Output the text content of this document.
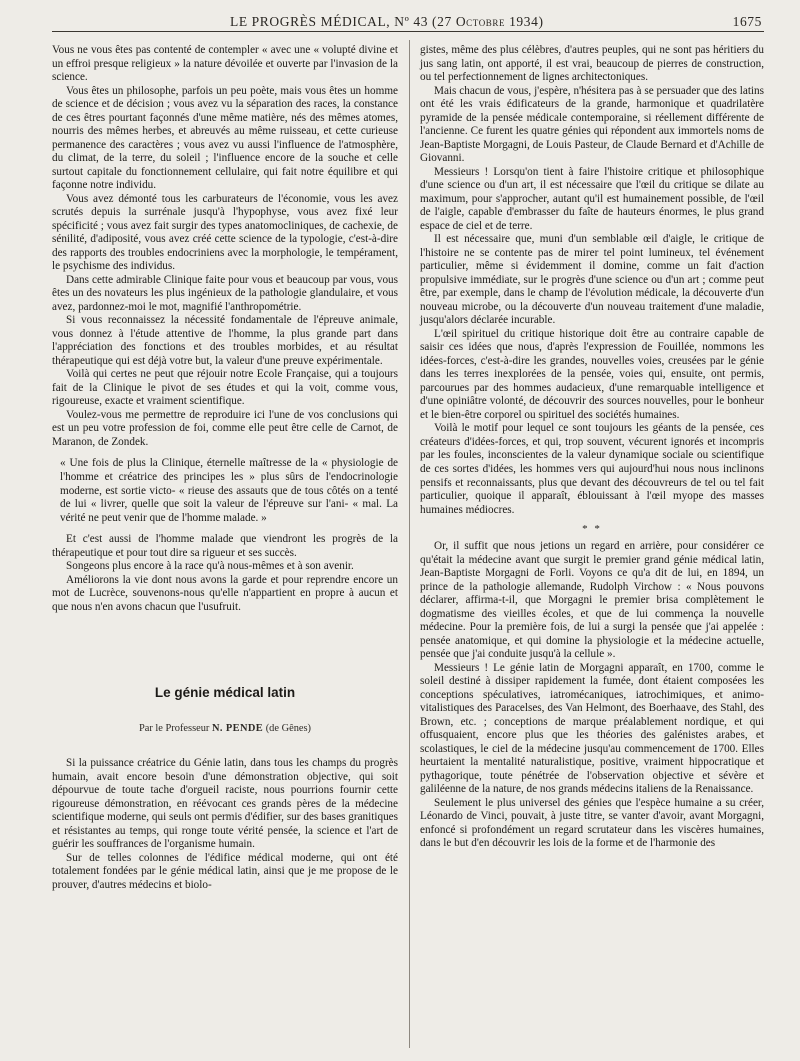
LE PROGRÈS MÉDICAL, Nº 43 (27 Octobre 1934)	1675

Vous ne vous êtes pas contenté de contempler « avec une « volupté divine et un effroi presque religieux » la nature dévoilée et ouverte par l'invasion de la science.

Vous êtes un philosophe, parfois un peu poète, mais vous êtes un homme de science et de décision ; vous avez vu la séparation des races, la constance de ces êtres pourtant façonnés d'une même matière, nés des mêmes atomes, nourris des mêmes herbes, et abreuvés au même ruisseau, et cette curieuse permanence des caractères ; vous avez vu aussi l'influence de l'atmosphère, du climat, de la terre, du soleil ; l'influence encore de la souche et celle surtout capitale du fonctionnement cellulaire, qui fait notre équilibre et qui façonne notre individu.

Vous avez démonté tous les carburateurs de l'économie, vous les avez scrutés depuis la surrénale jusqu'à l'hypophyse, vous avez fixé leur spécificité ; vous avez fait surgir des types anatomocliniques, de cachexie, de sénilité, d'adiposité, vous avez créé cette science de la typologie, c'est-à-dire des rapports des troubles endocriniens avec la morphologie, le tempérament, le psychisme des individus.

Dans cette admirable Clinique faite pour vous et beaucoup par vous, vous êtes un des novateurs les plus ingénieux de la pathologie glandulaire, et vous avez, pardonnez-moi le mot, magnifié l'anthropométrie.

Si vous reconnaissez la nécessité fondamentale de l'épreuve animale, vous donnez à l'étude attentive de l'homme, la plus grande part dans l'appréciation des fonctions et des troubles morbides, et au résultat thérapeutique qui est déjà votre but, la valeur d'une preuve expérimentale.

Voilà qui certes ne peut que réjouir notre Ecole Française, qui a toujours fait de la Clinique le pivot de ses études et qui la voit, comme vous, rigoureuse, exacte et vraiment scientifique.

Voulez-vous me permettre de reproduire ici l'une de vos conclusions qui est un peu votre profession de foi, comme elle peut être celle de Carnot, de Maranon, de Zondek.

« Une fois de plus la Clinique, éternelle maîtresse de la « physiologie de l'homme et créatrice des principes les » plus sûrs de l'endocrinologie moderne, est sortie victo- « rieuse des assauts que de tous côtés on a tenté de lui « livrer, quelle que soit la valeur de l'épreuve sur l'ani- « mal. La vérité ne peut venir que de l'homme malade. »

Et c'est aussi de l'homme malade que viendront les progrès de la thérapeutique et pour tout dire sa rigueur et ses succès.

Songeons plus encore à la race qu'à nous-mêmes et à son avenir.

Améliorons la vie dont nous avons la garde et pour reprendre encore un mot de Lucrèce, souvenons-nous qu'elle n'appartient en propre à aucun et que nous n'en avons chacun que l'usufruit.

Le génie médical latin
Par le Professeur N. PENDE (de Gênes)

Si la puissance créatrice du Génie latin, dans tous les champs du progrès humain, avait encore besoin d'une démonstration objective, qui soit dépourvue de toute tache d'orgueil raciste, nous pourrions fournir cette rigoureuse démonstration, en réévocant ces grands pères de la médecine scientifique moderne, qui seuls ont permis d'édifier, sur des bases granitiques et résistantes au temps, qui ronge toute vérité pensée, la science et l'art de guérir les souffrances de l'organisme humain.

Sur de telles colonnes de l'édifice médical moderne, qui ont été totalement fondées par le génie médical latin, ainsi que je me propose de le prouver, d'autres médecins et biolo-

gistes, même des plus célèbres, d'autres peuples, qui ne sont pas héritiers du jus sang latin, ont apporté, il est vrai, beaucoup de pierres de construction, ou tel perfectionnement de lignes architectoniques.

Mais chacun de vous, j'espère, n'hésitera pas à se persuader que des latins ont été les vrais édificateurs de la grande, harmonique et quadrilatère pyramide de la pensée médicale contemporaine, si réellement différente de l'ancienne. Ce furent les quatre génies qui répondent aux immortels noms de Jean-Baptiste Morgagni, de Louis Pasteur, de Claude Bernard et d'Achille de Giovanni.

Messieurs ! Lorsqu'on tient à faire l'histoire critique et philosophique d'une science ou d'un art, il est nécessaire que l'œil du critique se dilate au maximum, pour s'approcher, autant qu'il est humainement possible, de l'œil de l'aigle, capable d'embrasser du faîte de hauteurs énormes, le plus grand espace de ciel et de terre.

Il est nécessaire que, muni d'un semblable œil d'aigle, le critique de l'histoire ne se contente pas de mirer tel point lumineux, tel événement particulier, même si évidemment il domine, comme un fait d'action propulsive immédiate, sur le progrès d'une science ou d'un art ; comme peut être, par exemple, dans le champ de l'évolution médicale, la découverte d'un nouveau microbe, ou la découverte d'un nouveau traitement d'une maladie, jusqu'alors déclarée incurable.

L'œil spirituel du critique historique doit être au contraire capable de saisir ces idées que nous, d'après l'expression de Fouillée, nommons les idées-forces, c'est-à-dire les grandes, nouvelles voies, creusées par le génie dans les terres inexplorées de la pensée, voies qui, ensuite, ont permis, parcourues par des hommes audacieux, d'une remarquable intelligence et d'une opiniâtre volonté, de découvrir des sources nouvelles, pour le bonheur et le bien-être corporel ou spirituel des sociétés humaines.

Voilà le motif pour lequel ce sont toujours les géants de la pensée, ces créateurs d'idées-forces, et qui, trop souvent, vécurent ignorés et incompris par les foules, inconscientes de la valeur dynamique sociale ou scientifique de ces sortes d'idées, les hommes vers qui aujourd'hui nous nous inclinons pensifs et reconnaissants, plus que devant des découvreurs de tel ou tel fait particulier, quoique il apparaît, éblouissant à l'œil myope des masses humaines médiocres.

* *

Or, il suffit que nous jetions un regard en arrière, pour considérer ce qu'était la médecine avant que surgit le premier grand génie médical latin, Jean-Baptiste Morgagni de Forli. Voyons ce qu'a dit de lui, en 1894, un prince de la pathologie allemande, Rudolph Virchow : « Nous pouvons déclarer, affirma-t-il, que Morgagni le premier brisa complètement le dogmatisme des vieilles écoles, et que de lui commença la nouvelle médecine. Pour la première fois, de lui a surgi la pensée que j'ai appelée : pensée anatomique, et qui domine la physiologie et la médecine actuelle, pensée que j'ai conduite jusqu'à la cellule ».

Messieurs ! Le génie latin de Morgagni apparaît, en 1700, comme le soleil destiné à dissiper rapidement la fumée, dont étaient composées les conceptions spéculatives, iatromécaniques, iatrochimiques, et animo-vitalistiques des Paracelses, des Van Helmont, des Boerhaave, des Stahl, des Brown, etc. ; conceptions de marque préalablement nordique, et qui offusquaient, encore plus que les théories des galénistes arabes, et scolastiques, le ciel de la médecine jusqu'au commencement de 1700. Elles heurtaient la mentalité naturalistique, positive, vraiment hippocratique et pythagorique, toute pénétrée de l'observation objective et sévère et galiléenne de la nature, de nos grands médecins italiens de la Renaissance.

Seulement le plus universel des génies que l'espèce humaine a su créer, Léonardo de Vinci, pouvait, à juste titre, se vanter d'avoir, avant Morgagni, enfoncé si profondément un regard scrutateur dans les viscères humaines, dans le but d'en découvrir les lois de la forme et de l'harmonie des
